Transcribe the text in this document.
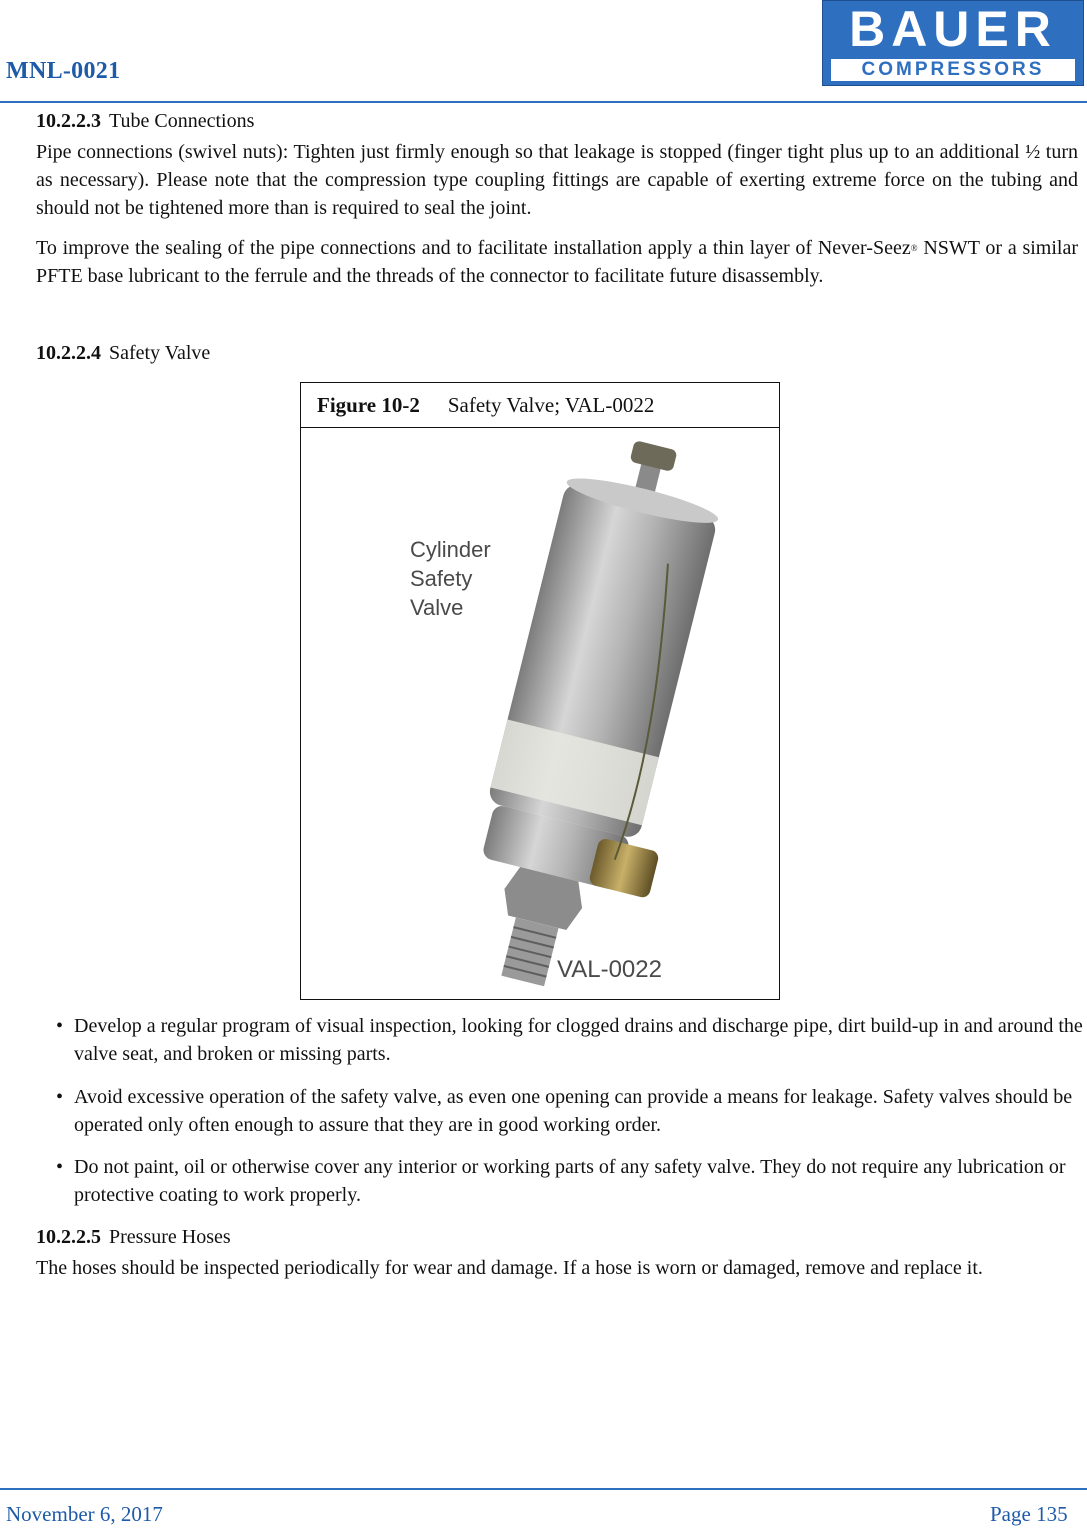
MNL-0021
BAUER
COMPRESSORS
10.2.2.3 Tube Connections
Pipe connections (swivel nuts): Tighten just firmly enough so that leakage is stopped (finger tight plus up to an additional ½ turn as necessary). Please note that the compression type coupling fittings are capable of exerting extreme force on the tubing and should not be tightened more than is required to seal the joint.
To improve the sealing of the pipe connections and to facilitate installation apply a thin layer of Never-Seez® NSWT or a similar PFTE base lubricant to the ferrule and the threads of the connector to facilitate future disassembly.
10.2.2.4 Safety Valve
Figure 10-2 Safety Valve; VAL-0022
Cylinder
Safety
Valve
VAL-0022
• Develop a regular program of visual inspection, looking for clogged drains and discharge pipe, dirt build-up in and around the valve seat, and broken or missing parts.
• Avoid excessive operation of the safety valve, as even one opening can provide a means for leakage. Safety valves should be operated only often enough to assure that they are in good working order.
• Do not paint, oil or otherwise cover any interior or working parts of any safety valve. They do not require any lubrication or protective coating to work properly.
10.2.2.5 Pressure Hoses
The hoses should be inspected periodically for wear and damage. If a hose is worn or damaged, remove and replace it.
November 6, 2017	Page 135
